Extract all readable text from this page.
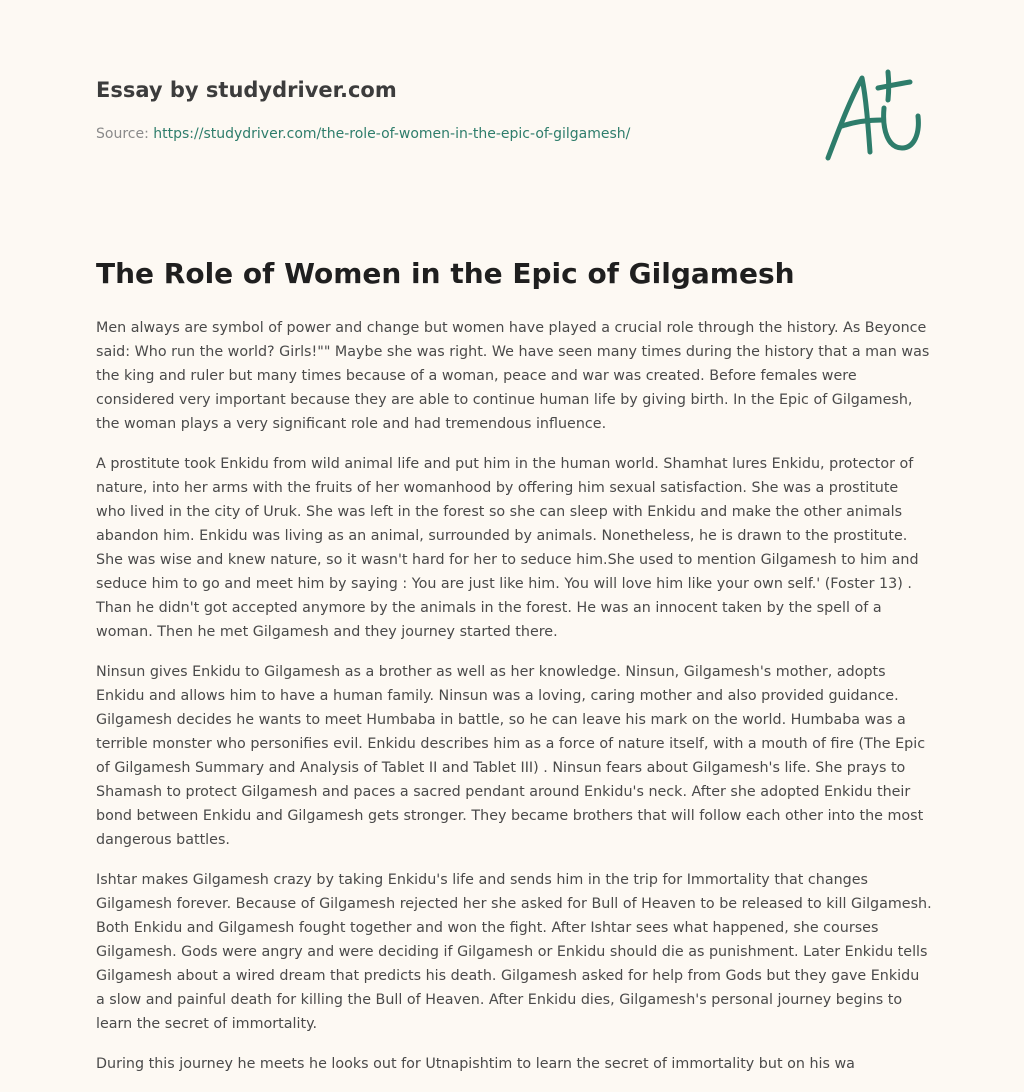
Essay by studydriver.com
Source: https://studydriver.com/the-role-of-women-in-the-epic-of-gilgamesh/
The Role of Women in the Epic of Gilgamesh

Men always are symbol of power and change but women have played a crucial role through the history. As Beyonce said: Who run the world? Girls!"" Maybe she was right. We have seen many times during the history that a man was the king and ruler but many times because of a woman, peace and war was created. Before females were considered very important because they are able to continue human life by giving birth. In the Epic of Gilgamesh, the woman plays a very significant role and had tremendous influence.

A prostitute took Enkidu from wild animal life and put him in the human world. Shamhat lures Enkidu, protector of nature, into her arms with the fruits of her womanhood by offering him sexual satisfaction. She was a prostitute who lived in the city of Uruk. She was left in the forest so she can sleep with Enkidu and make the other animals abandon him. Enkidu was living as an animal, surrounded by animals. Nonetheless, he is drawn to the prostitute. She was wise and knew nature, so it wasn't hard for her to seduce him.She used to mention Gilgamesh to him and seduce him to go and meet him by saying : You are just like him. You will love him like your own self.' (Foster 13) . Than he didn't got accepted anymore by the animals in the forest. He was an innocent taken by the spell of a woman. Then he met Gilgamesh and they journey started there.

Ninsun gives Enkidu to Gilgamesh as a brother as well as her knowledge. Ninsun, Gilgamesh's mother, adopts Enkidu and allows him to have a human family. Ninsun was a loving, caring mother and also provided guidance. Gilgamesh decides he wants to meet Humbaba in battle, so he can leave his mark on the world. Humbaba was a terrible monster who personifies evil. Enkidu describes him as a force of nature itself, with a mouth of fire (The Epic of Gilgamesh Summary and Analysis of Tablet II and Tablet III) . Ninsun fears about Gilgamesh's life. She prays to Shamash to protect Gilgamesh and paces a sacred pendant around Enkidu's neck. After she adopted Enkidu their bond between Enkidu and Gilgamesh gets stronger. They became brothers that will follow each other into the most dangerous battles.

Ishtar makes Gilgamesh crazy by taking Enkidu's life and sends him in the trip for Immortality that changes Gilgamesh forever. Because of Gilgamesh rejected her she asked for Bull of Heaven to be released to kill Gilgamesh. Both Enkidu and Gilgamesh fought together and won the fight. After Ishtar sees what happened, she courses Gilgamesh. Gods were angry and were deciding if Gilgamesh or Enkidu should die as punishment. Later Enkidu tells Gilgamesh about a wired dream that predicts his death. Gilgamesh asked for help from Gods but they gave Enkidu a slow and painful death for killing the Bull of Heaven. After Enkidu dies, Gilgamesh's personal journey begins to learn the secret of immortality.

During this journey he meets he looks out for Utnapishtim to learn the secret of immortality but on his wa
